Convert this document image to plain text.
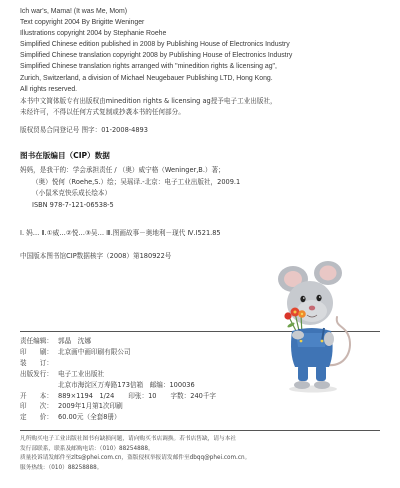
Ich war's, Mama! (It was Me, Mom)
Text copyright 2004 By Brigitte Weninger
Illustrations copyright 2004 by Stephanie Roehe
Simplified Chinese edition published in 2008 by Publishing House of Electronics Industry
Simplified Chinese translation copyright 2008 by Publishing House of Electronics Industry
Simplified Chinese translation rights arranged with "minedition rights & licensing ag",
Zurich, Switzerland, a division of Michael Neugebauer Publishing LTD, Hong Kong.
All rights reserved.
本书中文简体版专有出版权由minedition rights & licensing ag授予电子工业出版社，
未经许可，不得以任何方式复制或抄袭本书的任何部分。
版权贸易合同登记号 图字：01-2008-4893
图书在版编目（CIP）数据
妈妈，是我干的：学会承担责任 / （奥）威宁格（Weninger,B.）著；
（奥）悦何（Roehe,S.）绘；吴瑶译.-北京：电子工业出版社，2009.1
（小鼠米克快乐成长绘本）
ISBN 978-7-121-06538-5
Ⅰ. 妈… Ⅱ.①威…②悦…③吴… Ⅲ.图画故事－奥地利－现代 Ⅳ.I521.85
中国版本图书馆CIP数据核字（2008）第180922号
责任编辑： 郭晶　沈娜
印　　刷： 北京画中画印刷有限公司
装　　订：
出版发行： 电子工业出版社
北京市海淀区万寿路173信箱　邮编：100036
开　　本： 889×1194　1/24 印张： 10 字数： 240千字
印　　次： 2009年1月第1次印刷
定　　价： 60.00元（全套8册）
凡所购买电子工业出版社图书有缺损问题，请向购买书店调换。若书店售缺，请与本社
发行部联系，联系及邮购电话：（010）88254888。
质量投诉请发邮件至zlts@phei.com.cn，盗版侵权举报请发邮件至dbqq@phei.com.cn。
服务热线：（010）88258888。
